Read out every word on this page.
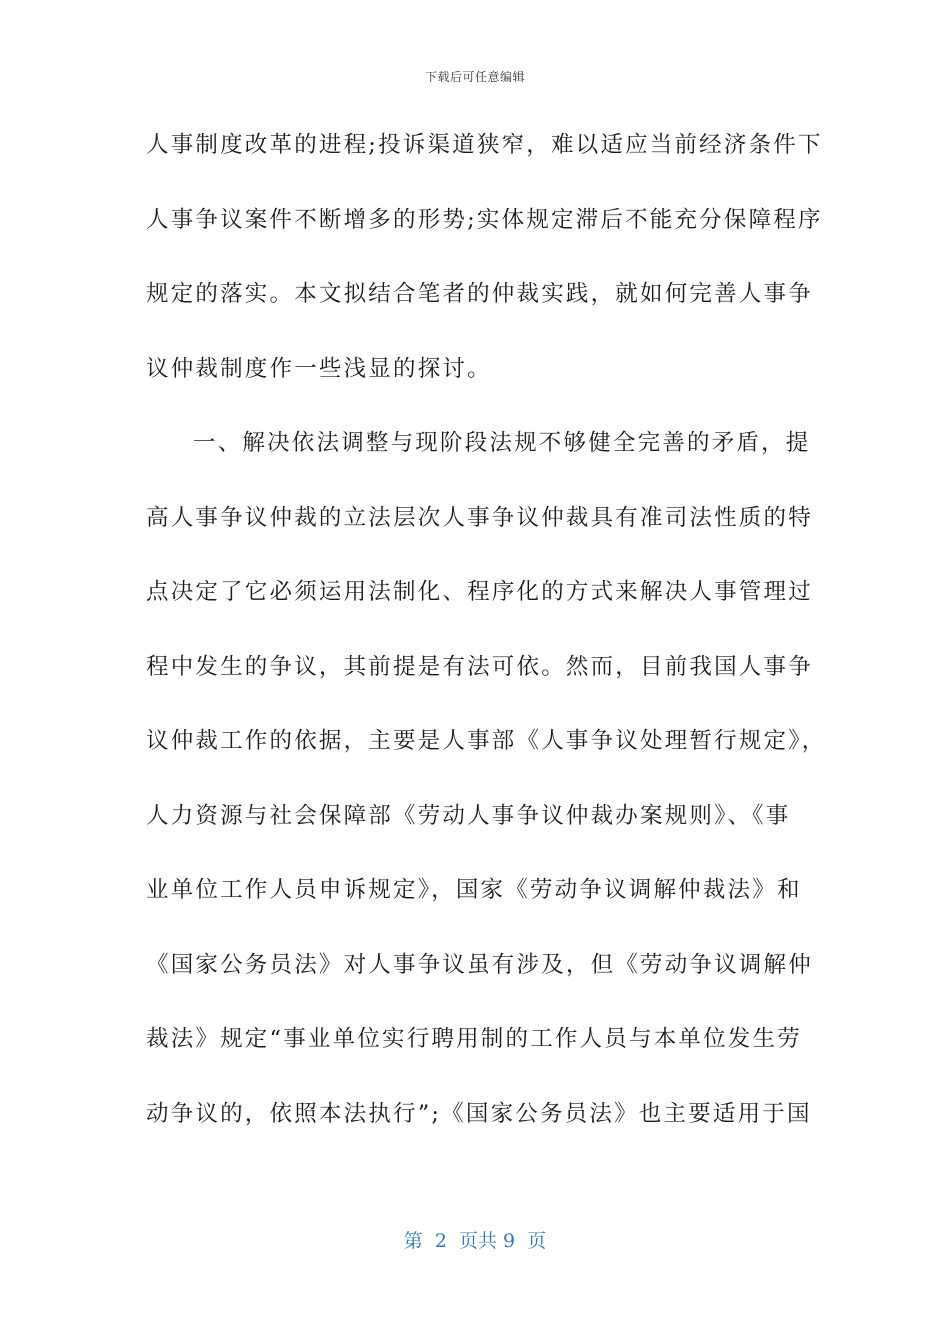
下载后可任意编辑
人事制度改革的进程;投诉渠道狭窄，难以适应当前经济条件下
人事争议案件不断增多的形势;实体规定滞后不能充分保障程序
规定的落实。本文拟结合笔者的仲裁实践，就如何完善人事争
议仲裁制度作一些浅显的探讨。
一、解决依法调整与现阶段法规不够健全完善的矛盾，提
高人事争议仲裁的立法层次人事争议仲裁具有准司法性质的特
点决定了它必须运用法制化、程序化的方式来解决人事管理过
程中发生的争议，其前提是有法可依。然而，目前我国人事争
议仲裁工作的依据，主要是人事部《人事争议处理暂行规定》，
人力资源与社会保障部《劳动人事争议仲裁办案规则》、《事
业单位工作人员申诉规定》，国家《劳动争议调解仲裁法》和
《国家公务员法》对人事争议虽有涉及，但《劳动争议调解仲
裁法》规定“事业单位实行聘用制的工作人员与本单位发生劳
动争议的，依照本法执行”;《国家公务员法》也主要适用于国
第  2  页共 9  页
